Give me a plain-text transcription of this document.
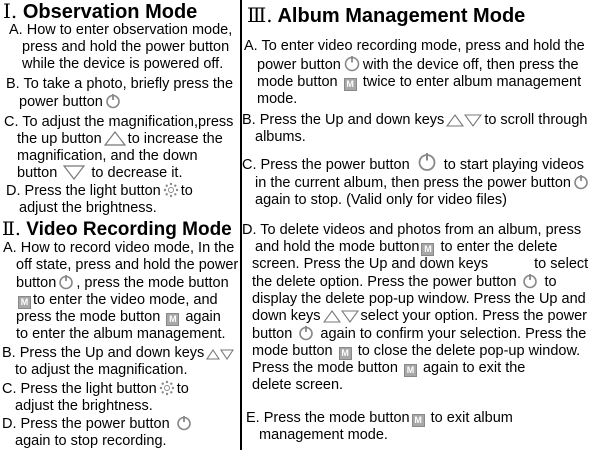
Ⅰ. Observation Mode

A. How to enter observation mode,
press and hold the power button
while the device is powered off.

B. To take a photo, briefly press the
power button

C. To adjust the magnification,press
the up button to increase the
magnification, and the down
button to decrease it.

D. Press the light button to
adjust the brightness.

Ⅱ. Video Recording Mode

A. How to record video mode, In the
off state, press and hold the power
button , press the mode button
M to enter the video mode, and
press the mode button M again
to enter the album management.

B. Press the Up and down keys
to adjust the magnification.

C. Press the light button to
adjust the brightness.

D. Press the power button
again to stop recording.

Ⅲ. Album Management Mode

A. To enter video recording mode, press and hold the
power button with the device off, then press the
mode button M twice to enter album management
mode.

B. Press the Up and down keys	to scroll through
albums.

C. Press the power button to start playing videos
in the current album, then press the power button
again to stop. (Valid only for video files)

D. To delete videos and photos from an album, press
and hold the mode button M to enter the delete
screen. Press the Up and down keys	to select
the delete option. Press the power button to
display the delete pop-up window. Press the Up and
down keys	select your option. Press the power
button again to confirm your selection. Press the
mode button M to close the delete pop-up window.
Press the mode button M again to exit the
delete screen.

E. Press the mode button M to exit album
management mode.
